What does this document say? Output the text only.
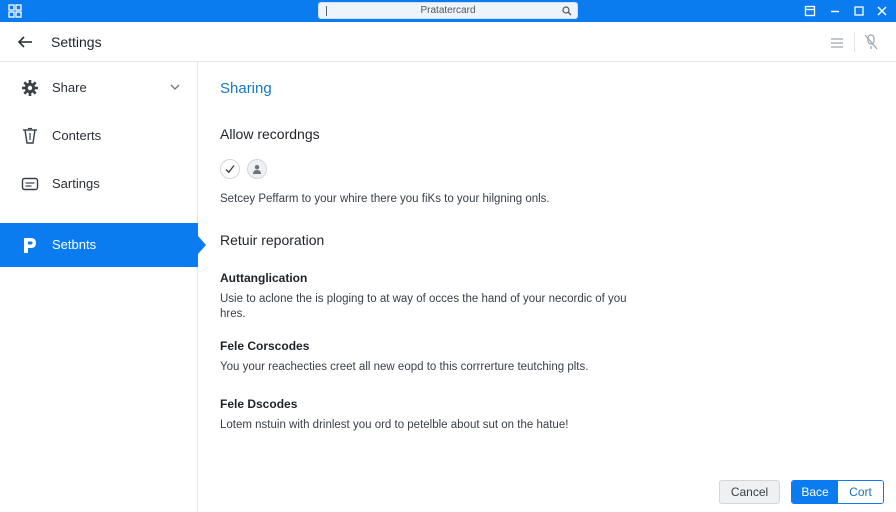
Pratatercard
Settings
Share
Conterts
Sartings
Setbnts
Sharing
Allow recordngs
Setcey Peffarm to your whire there you fiKs to your hilgning onls.
Retuir reporation
Auttanglication
Usie to aclone the is ploging to at way of occes the hand of your necordic of you hres.
Fele Corscodes
You your reachecties creet all new eopd to this corrrerture teutching plts.
Fele Dscodes
Lotem nstuin with drinlest you ord to petelble about sut on the hatue!
Cancel	Bace	Cort
